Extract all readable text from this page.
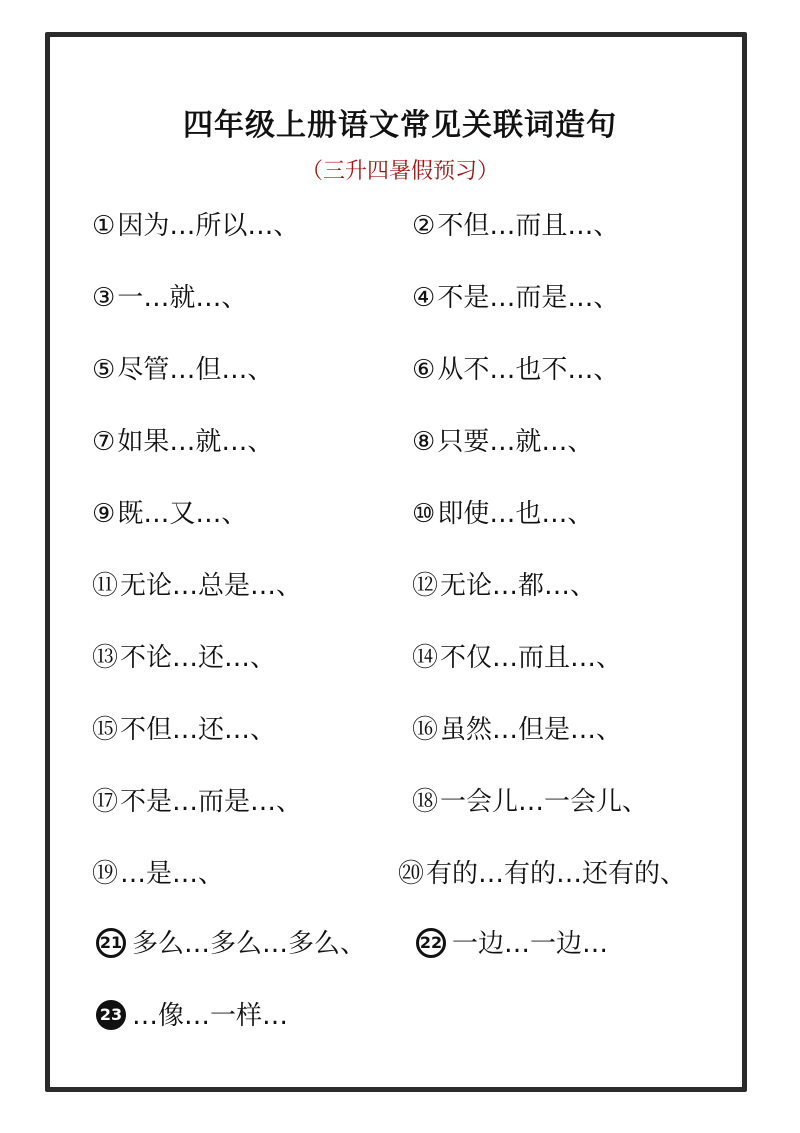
四年级上册语文常见关联词造句
（三升四暑假预习）
①因为…所以…、
③一…就…、
⑤尽管…但…、
⑦如果…就…、
⑨既…又…、
⑪无论…总是…、
⑬不论…还…、
⑮不但…还…、
⑰不是…而是…、
⑲…是…、
21 多么…多么…多么、
23 …像…一样…
②不但…而且…、
④不是…而是…、
⑥从不…也不…、
⑧只要…就…、
⑩即使…也…、
⑫无论…都…、
⑭不仅…而且…、
⑯虽然…但是…、
⑱一会儿…一会儿、
⑳有的…有的…还有的、
22 一边…一边…
